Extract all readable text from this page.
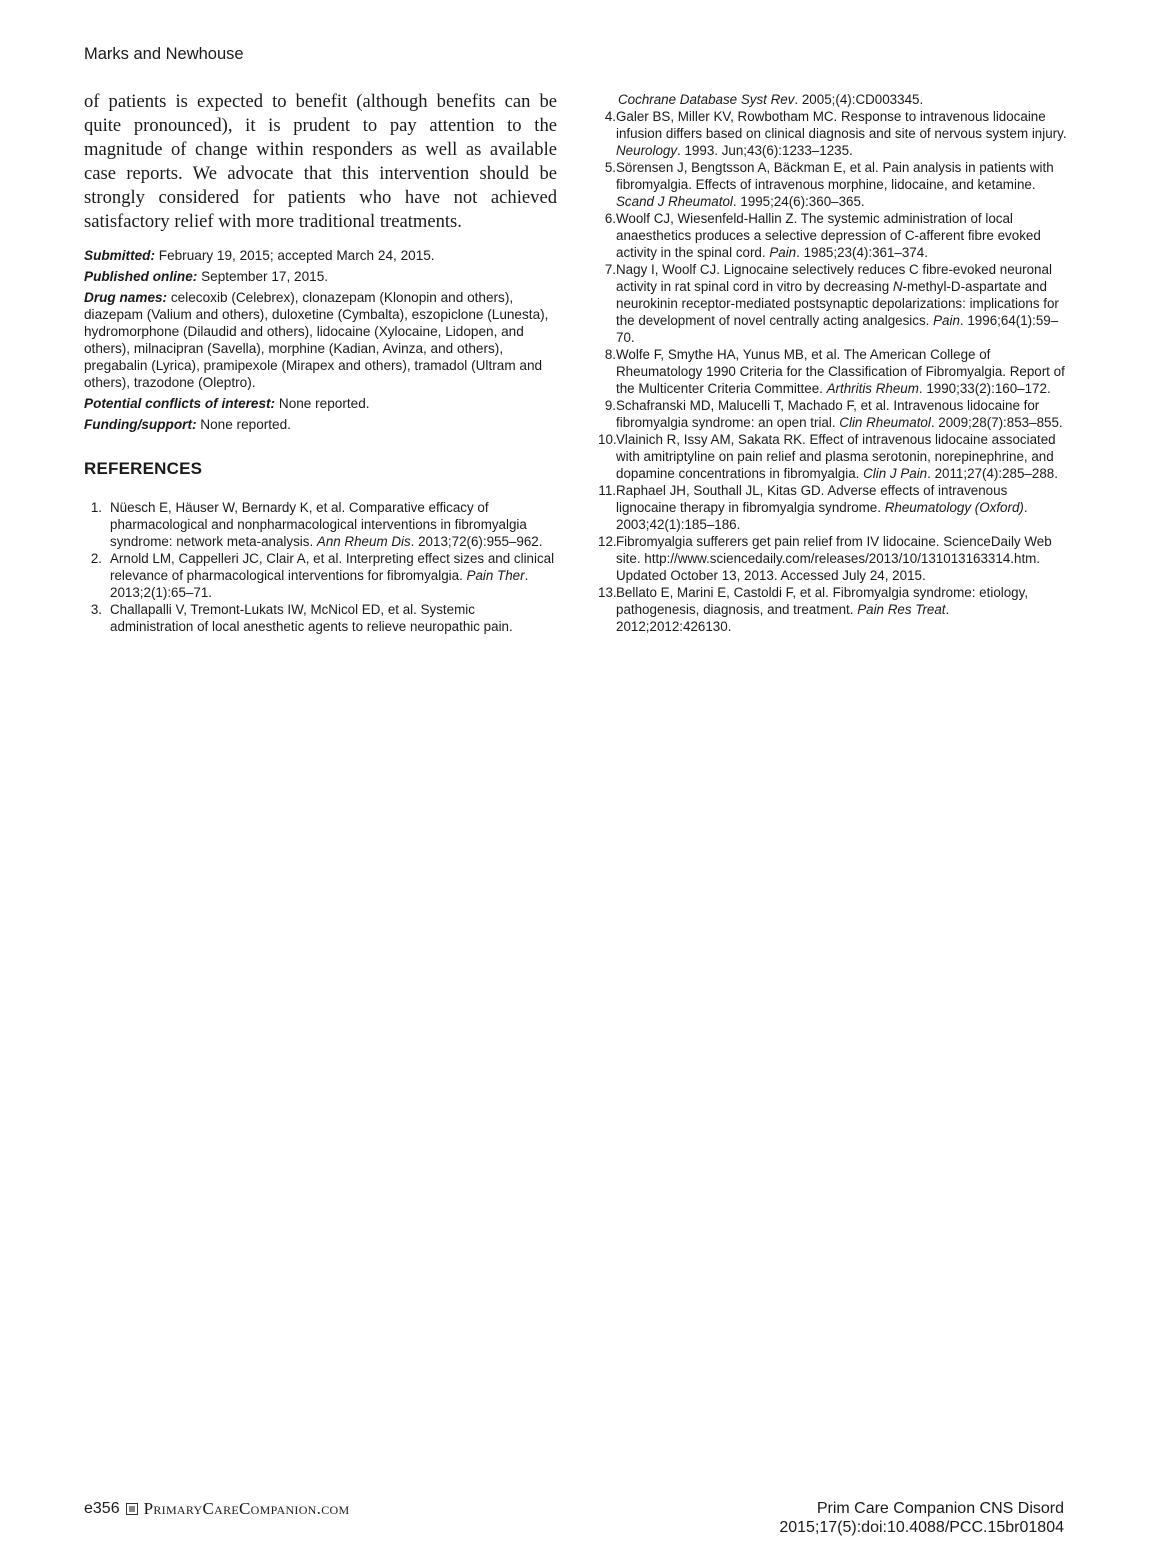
Marks and Newhouse

of patients is expected to benefit (although benefits can be quite pronounced), it is prudent to pay attention to the magnitude of change within responders as well as available case reports. We advocate that this intervention should be strongly considered for patients who have not achieved satisfactory relief with more traditional treatments.

Submitted: February 19, 2015; accepted March 24, 2015.

Published online: September 17, 2015.

Drug names: celecoxib (Celebrex), clonazepam (Klonopin and others), diazepam (Valium and others), duloxetine (Cymbalta), eszopiclone (Lunesta), hydromorphone (Dilaudid and others), lidocaine (Xylocaine, Lidopen, and others), milnacipran (Savella), morphine (Kadian, Avinza, and others), pregabalin (Lyrica), pramipexole (Mirapex and others), tramadol (Ultram and others), trazodone (Oleptro).

Potential conflicts of interest: None reported.

Funding/support: None reported.

REFERENCES
1. Nüesch E, Häuser W, Bernardy K, et al. Comparative efficacy of pharmacological and nonpharmacological interventions in fibromyalgia syndrome: network meta-analysis. Ann Rheum Dis. 2013;72(6):955–962.
2. Arnold LM, Cappelleri JC, Clair A, et al. Interpreting effect sizes and clinical relevance of pharmacological interventions for fibromyalgia. Pain Ther. 2013;2(1):65–71.
3. Challapalli V, Tremont-Lukats IW, McNicol ED, et al. Systemic administration of local anesthetic agents to relieve neuropathic pain.
Cochrane Database Syst Rev. 2005;(4):CD003345.
4. Galer BS, Miller KV, Rowbotham MC. Response to intravenous lidocaine infusion differs based on clinical diagnosis and site of nervous system injury. Neurology. 1993. Jun;43(6):1233–1235.
5. Sörensen J, Bengtsson A, Bäckman E, et al. Pain analysis in patients with fibromyalgia. Effects of intravenous morphine, lidocaine, and ketamine. Scand J Rheumatol. 1995;24(6):360–365.
6. Woolf CJ, Wiesenfeld-Hallin Z. The systemic administration of local anaesthetics produces a selective depression of C-afferent fibre evoked activity in the spinal cord. Pain. 1985;23(4):361–374.
7. Nagy I, Woolf CJ. Lignocaine selectively reduces C fibre-evoked neuronal activity in rat spinal cord in vitro by decreasing N-methyl-D-aspartate and neurokinin receptor-mediated postsynaptic depolarizations: implications for the development of novel centrally acting analgesics. Pain. 1996;64(1):59–70.
8. Wolfe F, Smythe HA, Yunus MB, et al. The American College of Rheumatology 1990 Criteria for the Classification of Fibromyalgia. Report of the Multicenter Criteria Committee. Arthritis Rheum. 1990;33(2):160–172.
9. Schafranski MD, Malucelli T, Machado F, et al. Intravenous lidocaine for fibromyalgia syndrome: an open trial. Clin Rheumatol. 2009;28(7):853–855.
10. Vlainich R, Issy AM, Sakata RK. Effect of intravenous lidocaine associated with amitriptyline on pain relief and plasma serotonin, norepinephrine, and dopamine concentrations in fibromyalgia. Clin J Pain. 2011;27(4):285–288.
11. Raphael JH, Southall JL, Kitas GD. Adverse effects of intravenous lignocaine therapy in fibromyalgia syndrome. Rheumatology (Oxford). 2003;42(1):185–186.
12. Fibromyalgia sufferers get pain relief from IV lidocaine. ScienceDaily Web site. http://www.sciencedaily.com/releases/2013/10/131013163314.htm. Updated October 13, 2013. Accessed July 24, 2015.
13. Bellato E, Marini E, Castoldi F, et al. Fibromyalgia syndrome: etiology, pathogenesis, diagnosis, and treatment. Pain Res Treat. 2012;2012:426130.
e356 PrimaryCareCompanion.com	Prim Care Companion CNS Disord
2015;17(5):doi:10.4088/PCC.15br01804
